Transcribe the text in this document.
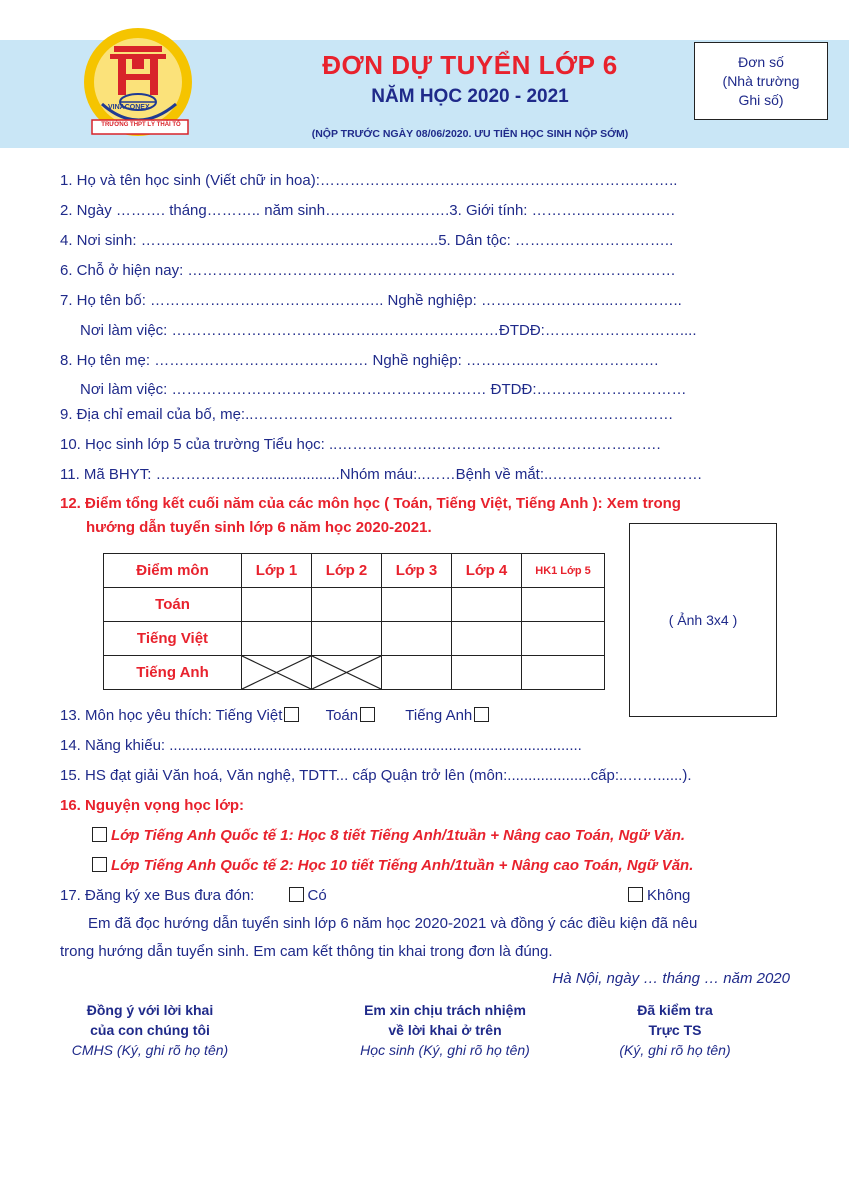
VINACONEX
TRƯỜNG THPT LÝ THÁI TỔ
ĐƠN DỰ TUYỂN LỚP 6
NĂM HỌC 2020 - 2021
(NỘP TRƯỚC NGÀY 08/06/2020. ƯU TIÊN HỌC SINH NỘP SỚM)
Đơn số
(Nhà trường
Ghi số)
1. Họ và tên học sinh (Viết chữ in hoa):……………………………………………………….……..
2. Ngày ………. tháng……….. năm sinh…………………….3. Giới tính: ……….……………….
4. Nơi sinh: ………………….………………………………..5. Dân tộc: …………………………..
6. Chỗ ở hiện nay: ………………………………………………………………………..……………
7. Họ tên bố: ……………………………………….. Nghề nghiệp: ……………………...…………..
Nơi làm việc: …………………………….……..……………………ĐTDĐ:………………………....
8. Họ tên mẹ: ……………………………….…… Nghề nghiệp: …………..…………………….
Nơi làm việc: ……………………………………………………… ĐTDĐ:…………………………
9. Địa chỉ email của bố, mẹ:..…………………………………………………………………………
10. Học sinh lớp 5 của trường Tiểu học: ..……………….……………………………………….
11. Mã BHYT: …………………...................Nhóm máu:..……Bệnh về mắt:..…………………………
12. Điểm tổng kết cuối năm của các môn học ( Toán, Tiếng Việt, Tiếng Anh ): Xem trong
hướng dẫn tuyển sinh lớp 6 năm học 2020-2021.
Điểm môn	Lớp 1	Lớp 2	Lớp 3	Lớp 4	HK1 Lớp 5
Toán					
Tiếng Việt					
Tiếng Anh	

( Ảnh 3x4 )
13. Môn học yêu thích: Tiếng Việt	Toán	Tiếng Anh
14. Năng khiếu: ...................................................................................................
15. HS đạt giải Văn hoá, Văn nghệ, TDTT... cấp Quận trở lên (môn:....................cấp:..……......).
16. Nguyện vọng học lớp:
Lớp Tiếng Anh Quốc tế 1: Học 8 tiết Tiếng Anh/1tuần + Nâng cao Toán, Ngữ Văn.
Lớp Tiếng Anh Quốc tế 2: Học 10 tiết Tiếng Anh/1tuần + Nâng cao Toán, Ngữ Văn.
17. Đăng ký xe Bus đưa đón:	Có	Không
Em đã đọc hướng dẫn tuyển sinh lớp 6 năm học 2020-2021 và đồng ý các điều kiện đã nêu
trong hướng dẫn tuyển sinh. Em cam kết thông tin khai trong đơn là đúng.
Hà Nội, ngày … tháng … năm 2020
Đồng ý với lời khai
của con chúng tôi
CMHS (Ký, ghi rõ họ tên)
Em xin chịu trách nhiệm
về lời khai ở trên
Học sinh (Ký, ghi rõ họ tên)
Đã kiểm tra
Trực TS
(Ký, ghi rõ họ tên)
